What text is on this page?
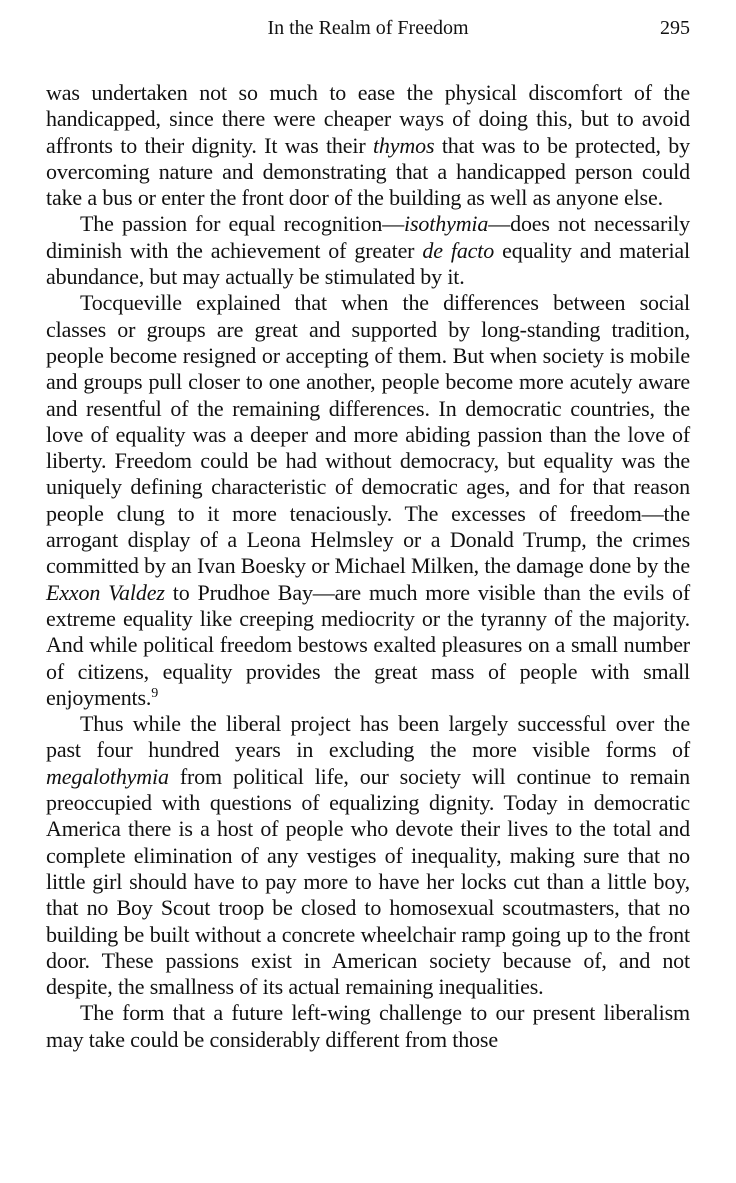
In the Realm of Freedom	295

was undertaken not so much to ease the physical discomfort of the handicapped, since there were cheaper ways of doing this, but to avoid affronts to their dignity. It was their thymos that was to be protected, by overcoming nature and demonstrating that a handicapped person could take a bus or enter the front door of the building as well as anyone else.

The passion for equal recognition—isothymia—does not necessarily diminish with the achievement of greater de facto equality and material abundance, but may actually be stimulated by it.

Tocqueville explained that when the differences between social classes or groups are great and supported by long-standing tradition, people become resigned or accepting of them. But when society is mobile and groups pull closer to one another, people become more acutely aware and resentful of the remaining differences. In democratic countries, the love of equality was a deeper and more abiding passion than the love of liberty. Freedom could be had without democracy, but equality was the uniquely defining characteristic of democratic ages, and for that reason people clung to it more tenaciously. The excesses of freedom—the arrogant display of a Leona Helmsley or a Donald Trump, the crimes committed by an Ivan Boesky or Michael Milken, the damage done by the Exxon Valdez to Prudhoe Bay—are much more visible than the evils of extreme equality like creeping mediocrity or the tyranny of the majority. And while political freedom bestows exalted pleasures on a small number of citizens, equality provides the great mass of people with small enjoyments.$^9$

Thus while the liberal project has been largely successful over the past four hundred years in excluding the more visible forms of megalothymia from political life, our society will continue to remain preoccupied with questions of equalizing dignity. Today in democratic America there is a host of people who devote their lives to the total and complete elimination of any vestiges of inequality, making sure that no little girl should have to pay more to have her locks cut than a little boy, that no Boy Scout troop be closed to homosexual scoutmasters, that no building be built without a concrete wheelchair ramp going up to the front door. These passions exist in American society because of, and not despite, the smallness of its actual remaining inequalities.

The form that a future left-wing challenge to our present liberalism may take could be considerably different from those
